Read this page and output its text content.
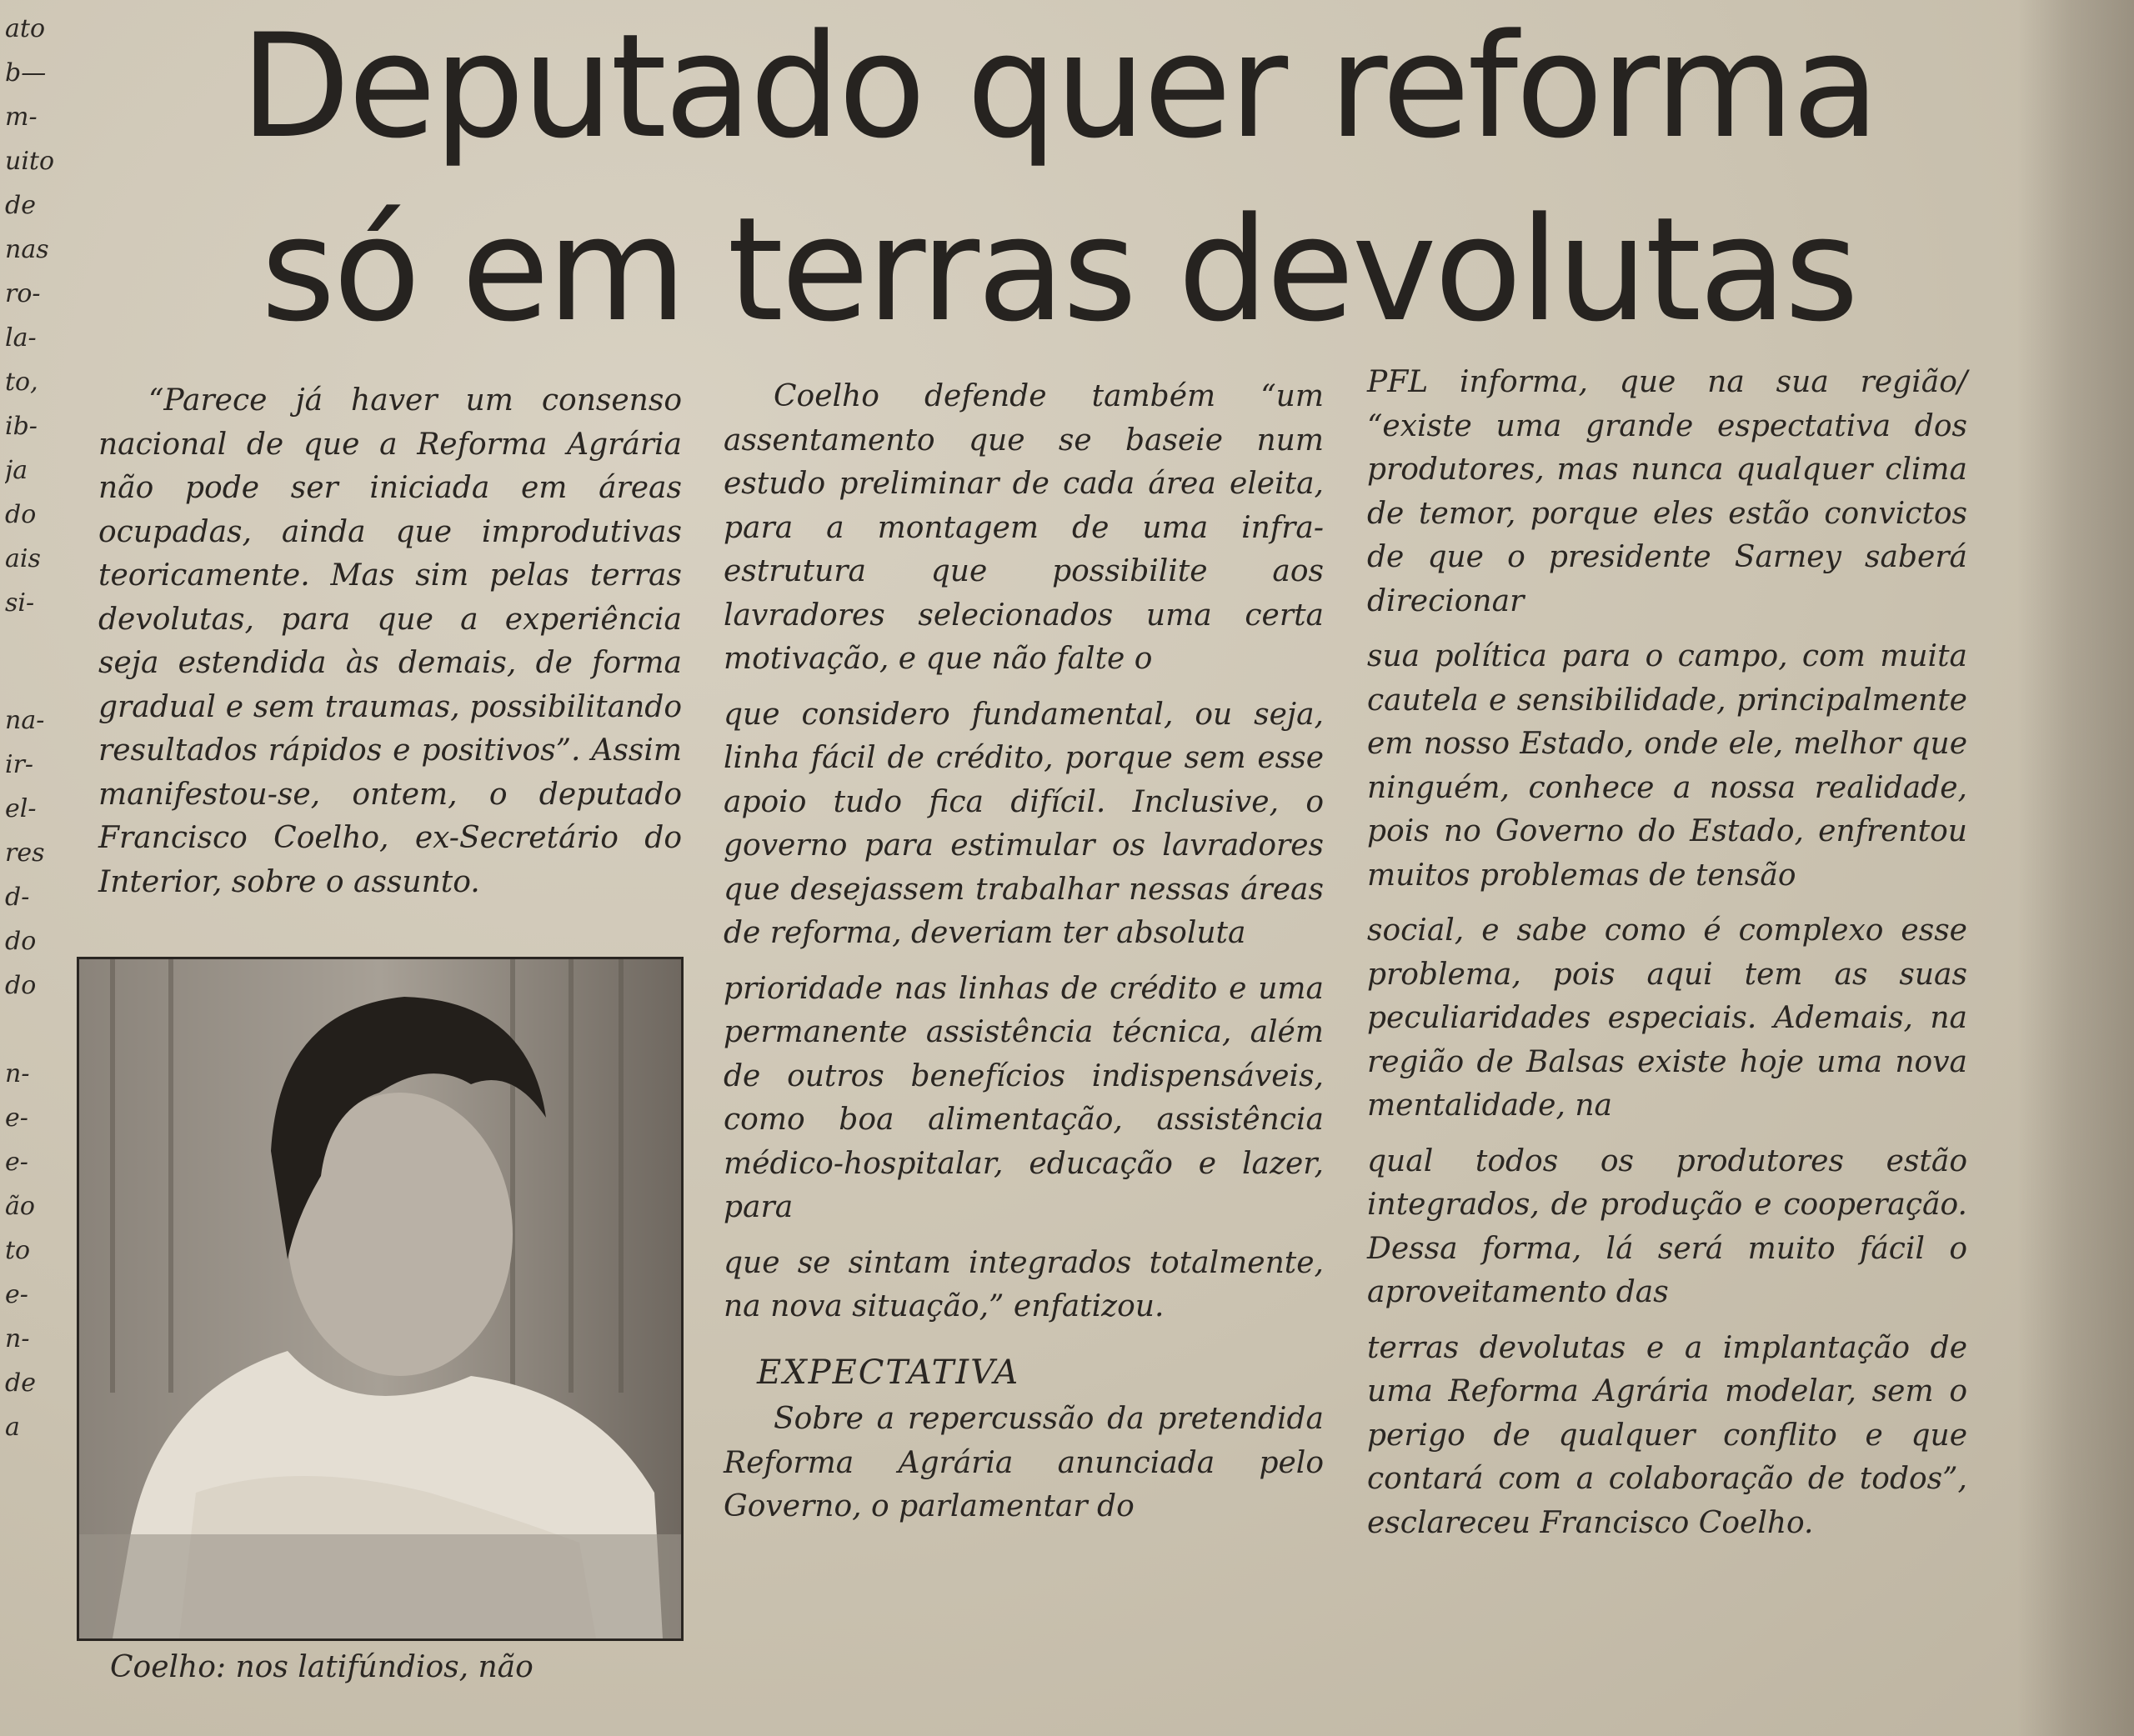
ato
b—
m-
uito
de
nas
ro-
la-
to,
ib-
ja
do
ais
si-
na-
ir-
el-
res
d-
do
do
n-
e-
e-
ão
to
e-
n-
de
a
Deputado quer reforma
só em terras devolutas

“Parece já haver um consenso nacional de que a Reforma Agrária não pode ser iniciada em áreas ocupadas, ainda que improdutivas teoricamente. Mas sim pelas terras devolutas, para que a experiência seja estendida às demais, de forma gradual e sem traumas, possibilitando resultados rápidos e positivos”. Assim manifestou-se, ontem, o deputado Francisco Coelho, ex-Secretário do Interior, sobre o assunto.

Coelho: nos latifúndios, não

Coelho defende também “um assentamento que se baseie num estudo preliminar de cada área eleita, para a montagem de uma infra-estrutura que possibilite aos lavradores selecionados uma certa motivação, e que não falte o

que considero fundamental, ou seja, linha fácil de crédito, porque sem esse apoio tudo fica difícil. Inclusive, o governo para estimular os lavradores que desejassem trabalhar nessas áreas de reforma, deveriam ter absoluta

prioridade nas linhas de crédito e uma permanente assistência técnica, além de outros benefícios indispensáveis, como boa alimentação, assistência médico-hospitalar, educação e lazer, para

que se sintam integrados totalmente, na nova situação,” enfatizou.

EXPECTATIVA

Sobre a repercussão da pretendida Reforma Agrária anunciada pelo Governo, o parlamentar do

PFL informa, que na sua região/ “existe uma grande espectativa dos produtores, mas nunca qualquer clima de temor, porque eles estão convictos de que o presidente Sarney saberá direcionar

sua política para o campo, com muita cautela e sensibilidade, principalmente em nosso Estado, onde ele, melhor que ninguém, conhece a nossa realidade, pois no Governo do Estado, enfrentou muitos problemas de tensão

social, e sabe como é complexo esse problema, pois aqui tem as suas peculiaridades especiais. Ademais, na região de Balsas existe hoje uma nova mentalidade, na

qual todos os produtores estão integrados, de produção e cooperação. Dessa forma, lá será muito fácil o aproveitamento das

terras devolutas e a implantação de uma Reforma Agrária modelar, sem o perigo de qualquer conflito e que contará com a colaboração de todos”, esclareceu Francisco Coelho.
